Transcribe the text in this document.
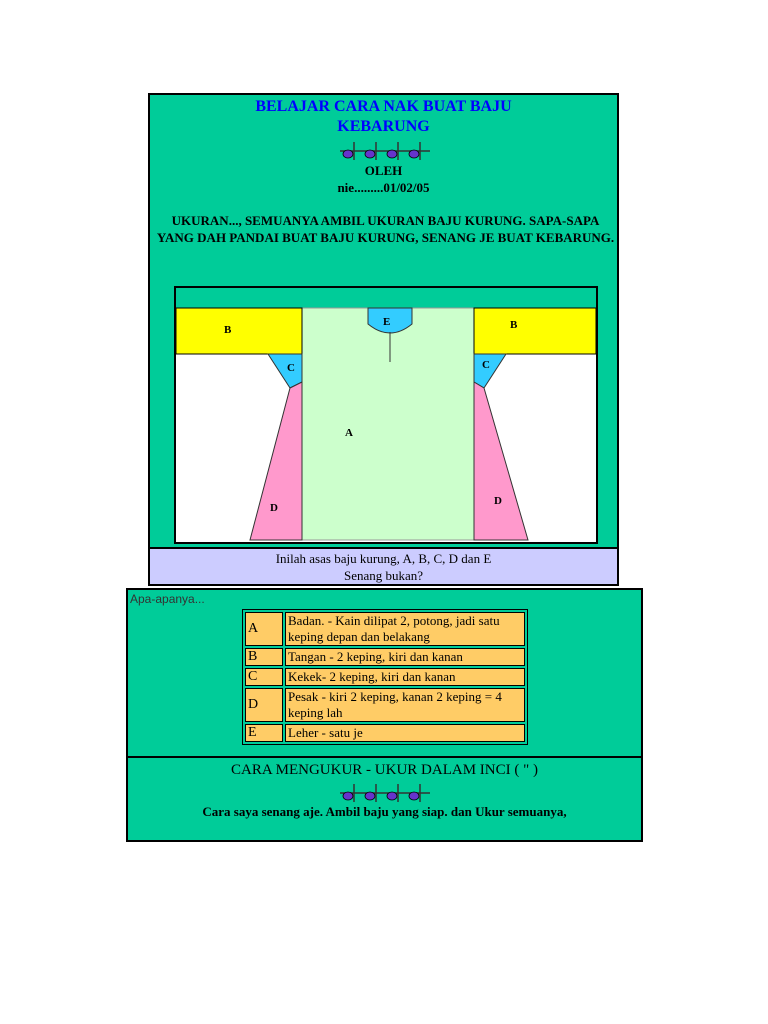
BELAJAR CARA NAK BUAT BAJU
KEBARUNG
OLEH
nie.........01/02/05
UKURAN..., SEMUANYA AMBIL UKURAN BAJU KURUNG. SAPA-SAPA YANG DAH PANDAI BUAT BAJU KURUNG, SENANG JE BUAT KEBARUNG.
B	B
C	C
A
D
D
E
Inilah asas baju kurung, A, B, C, D dan E
Senang bukan?
Apa-apanya...
A	Badan. - Kain dilipat 2, potong, jadi satu keping depan dan belakang
B	Tangan - 2 keping, kiri dan kanan
C	Kekek- 2 keping, kiri dan kanan
D	Pesak - kiri 2 keping, kanan 2 keping = 4 keping lah
E	Leher - satu je
CARA MENGUKUR - UKUR DALAM INCI ( " )
Cara saya senang aje. Ambil baju yang siap. dan Ukur semuanya,
